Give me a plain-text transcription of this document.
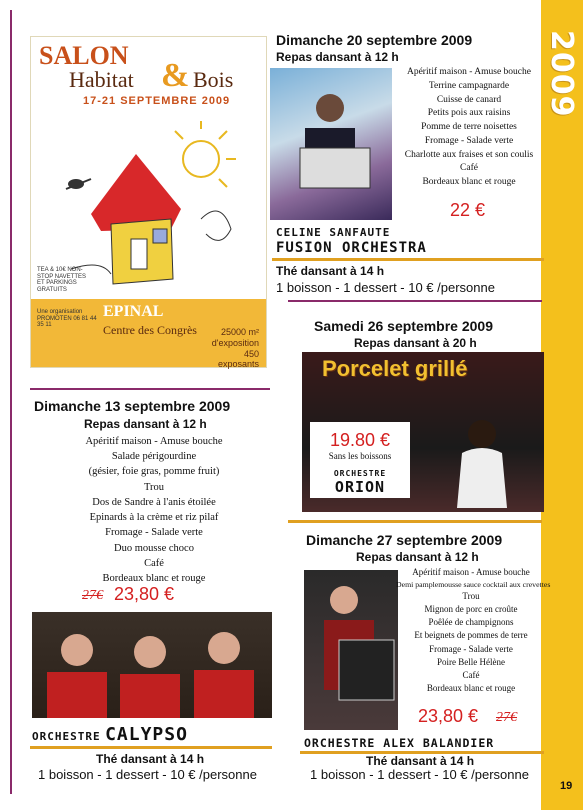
2009
19
SALON
Habitat & Bois
17-21 SEPTEMBRE 2009
TEA & 10€ NON-STOP NAVETTES ET PARKINGS GRATUITS
Une organisation PROMOTEN 06 81 44 35 11
EPINAL
Centre des Congrès	25000 m² d'exposition
450 exposants
Dimanche 20 septembre 2009
Repas dansant à 12 h
Apéritif maison - Amuse bouche
Terrine campagnarde
Cuisse de canard
Petits pois aux raisins
Pomme de terre noisettes
Fromage - Salade verte
Charlotte aux fraises et son coulis
Café
Bordeaux blanc et rouge
22 €
CELINE SANFAUTE
FUSION ORCHESTRA
Thé dansant à 14 h
1 boisson - 1 dessert - 10 € /personne
Samedi 26 septembre 2009
Repas dansant à 20 h
Porcelet grillé
19.80 €
Sans les boissons
ORCHESTRE
ORION
Dimanche 13 septembre 2009
Repas dansant à 12 h
Apéritif maison - Amuse bouche
Salade périgourdine
(gésier, foie gras, pomme fruit)
Trou
Dos de Sandre à l'anis étoilée
Epinards à la crème et riz pilaf
Fromage - Salade verte
Duo mousse choco
Café
Bordeaux blanc et rouge
27€ 23,80 €
ORCHESTRE CALYPSO
Thé dansant à 14 h
1 boisson - 1 dessert - 10 € /personne
Dimanche 27 septembre 2009
Repas dansant à 12 h
Apéritif maison - Amuse bouche
Demi pamplemousse sauce cocktail aux crevettes
Trou
Mignon de porc en croûte
Poêlée de champignons
Et beignets de pommes de terre
Fromage - Salade verte
Poire Belle Hélène
Café
Bordeaux blanc et rouge
23,80 € 27€
ORCHESTRE ALEX BALANDIER
Thé dansant à 14 h
1 boisson - 1 dessert - 10 € /personne
